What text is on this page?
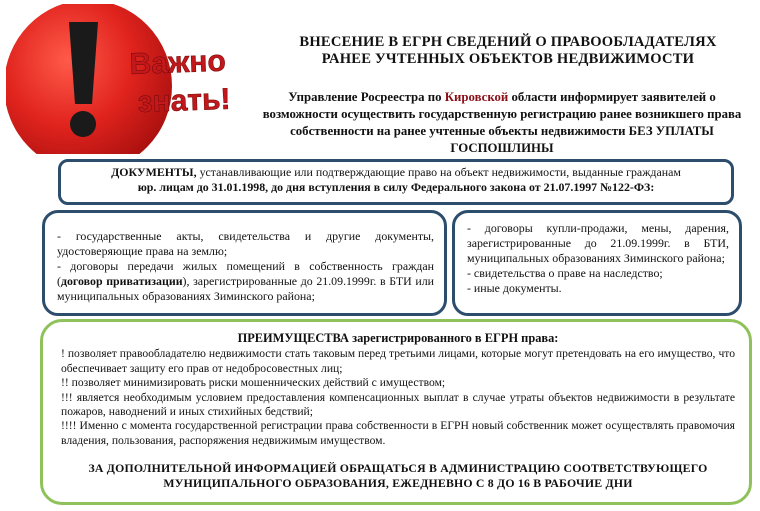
Важно
знать!
ВНЕСЕНИЕ В ЕГРН СВЕДЕНИЙ О ПРАВООБЛАДАТЕЛЯХ
РАНЕЕ УЧТЕННЫХ ОБЪЕКТОВ НЕДВИЖИМОСТИ
Управление Росреестра по Кировской области информирует заявителей о возможности осуществить государственную регистрацию ранее возникшего права собственности на ранее учтенные объекты недвижимости БЕЗ УПЛАТЫ ГОСПОШЛИНЫ
ДОКУМЕНТЫ, устанавливающие или подтверждающие право на объект недвижимости, выданные гражданам
юр. лицам до 31.01.1998, до дня вступления в силу Федерального закона от 21.07.1997 №122-ФЗ:
- государственные акты, свидетельства и другие документы, удостоверяющие права на землю;
- договоры передачи жилых помещений в собственность граждан (договор приватизации), зарегистрированные до 21.09.1999г. в БТИ или муниципальных образованиях Зиминского района;
- договоры купли-продажи, мены, дарения, зарегистрированные до 21.09.1999г. в БТИ, муниципальных образованиях Зиминского района;
- свидетельства о праве на наследство;
- иные документы.
ПРЕИМУЩЕСТВА зарегистрированного в ЕГРН права:
! позволяет правообладателю недвижимости стать таковым перед третьими лицами, которые могут претендовать на его имущество, что обеспечивает защиту его прав от недобросовестных лиц;
!! позволяет минимизировать риски мошеннических действий с имуществом;
!!! является необходимым условием предоставления компенсационных выплат в случае утраты объектов недвижимости в результате пожаров, наводнений и иных стихийных бедствий;
!!!! Именно с момента государственной регистрации права собственности в ЕГРН новый собственник может осуществлять правомочия владения, пользования, распоряжения недвижимым имуществом.
ЗА ДОПОЛНИТЕЛЬНОЙ ИНФОРМАЦИЕЙ ОБРАЩАТЬСЯ В АДМИНИСТРАЦИЮ СООТВЕТСТВУЮЩЕГО
МУНИЦИПАЛЬНОГО ОБРАЗОВАНИЯ, ЕЖЕДНЕВНО С 8 ДО 16 В РАБОЧИЕ ДНИ
